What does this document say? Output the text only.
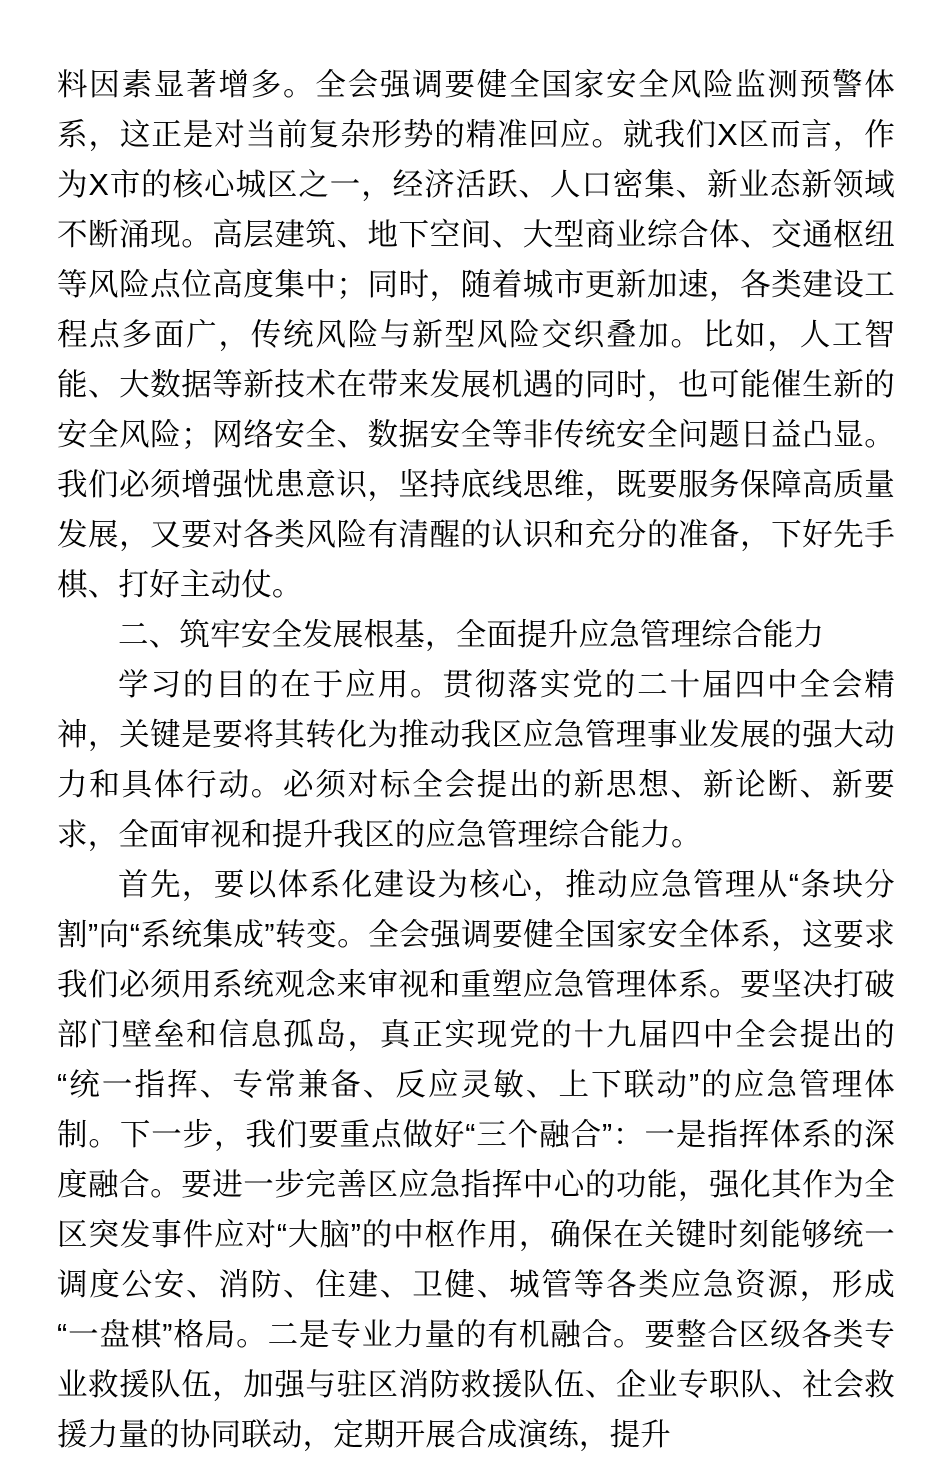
料因素显著增多。全会强调要健全国家安全风险监测预警体系，这正是对当前复杂形势的精准回应。就我们X区而言，作为X市的核心城区之一，经济活跃、人口密集、新业态新领域不断涌现。高层建筑、地下空间、大型商业综合体、交通枢纽等风险点位高度集中；同时，随着城市更新加速，各类建设工程点多面广，传统风险与新型风险交织叠加。比如，人工智能、大数据等新技术在带来发展机遇的同时，也可能催生新的安全风险；网络安全、数据安全等非传统安全问题日益凸显。我们必须增强忧患意识，坚持底线思维，既要服务保障高质量发展，又要对各类风险有清醒的认识和充分的准备，下好先手棋、打好主动仗。

二、筑牢安全发展根基，全面提升应急管理综合能力

学习的目的在于应用。贯彻落实党的二十届四中全会精神，关键是要将其转化为推动我区应急管理事业发展的强大动力和具体行动。必须对标全会提出的新思想、新论断、新要求，全面审视和提升我区的应急管理综合能力。

首先，要以体系化建设为核心，推动应急管理从“条块分割”向“系统集成”转变。全会强调要健全国家安全体系，这要求我们必须用系统观念来审视和重塑应急管理体系。要坚决打破部门壁垒和信息孤岛，真正实现党的十九届四中全会提出的“统一指挥、专常兼备、反应灵敏、上下联动”的应急管理体制。下一步，我们要重点做好“三个融合”：一是指挥体系的深度融合。要进一步完善区应急指挥中心的功能，强化其作为全区突发事件应对“大脑”的中枢作用，确保在关键时刻能够统一调度公安、消防、住建、卫健、城管等各类应急资源，形成“一盘棋”格局。二是专业力量的有机融合。要整合区级各类专业救援队伍，加强与驻区消防救援队伍、企业专职队、社会救援力量的协同联动，定期开展合成演练，提升
